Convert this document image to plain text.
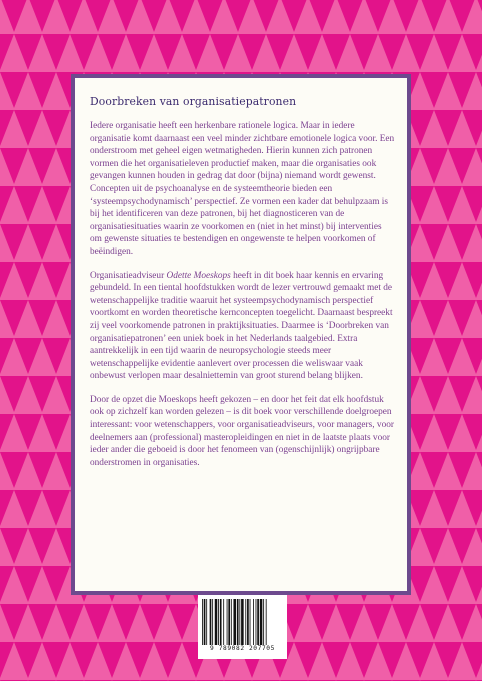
Doorbreken van organisatiepatronen

Iedere organisatie heeft een herkenbare rationele logica. Maar in iedere organisatie komt daarnaast een veel minder zichtbare emotionele logica voor. Een onderstroom met geheel eigen wetmatigheden. Hierin kunnen zich patronen vormen die het organisatieleven productief maken, maar die organisaties ook gevangen kunnen houden in gedrag dat door (bijna) niemand wordt gewenst. Concepten uit de psychoanalyse en de systeemtheorie bieden een ‘systeempsychodynamisch’ perspectief. Ze vormen een kader dat behulpzaam is bij het identificeren van deze patronen, bij het diagnosticeren van de organisatiesituaties waarin ze voorkomen en (niet in het minst) bij interventies om gewenste situaties te bestendigen en ongewenste te helpen voorkomen of beëindigen.

Organisatieadviseur Odette Moeskops heeft in dit boek haar kennis en ervaring gebundeld. In een tiental hoofdstukken wordt de lezer vertrouwd gemaakt met de wetenschappelijke traditie waaruit het systeempsychodynamisch perspectief voortkomt en worden theoretische kernconcepten toegelicht. Daarnaast bespreekt zij veel voorkomende patronen in praktijksituaties. Daarmee is ‘Doorbreken van organisatiepatronen’ een uniek boek in het Nederlands taalgebied. Extra aantrekkelijk in een tijd waarin de neuropsychologie steeds meer wetenschappelijke evidentie aanlevert over processen die weliswaar vaak onbewust verlopen maar desalniettemin van groot sturend belang blijken.

Door de opzet die Moeskops heeft gekozen – en door het feit dat elk hoofdstuk ook op zichzelf kan worden gelezen – is dit boek voor verschillende doelgroepen interessant: voor wetenschappers, voor organisatieadviseurs, voor managers, voor deelnemers aan (professional) masteropleidingen en niet in de laatste plaats voor ieder ander die geboeid is door het fenomeen van (ogenschijnlijk) ongrijpbare onderstromen in organisaties.

9 789082 207705
